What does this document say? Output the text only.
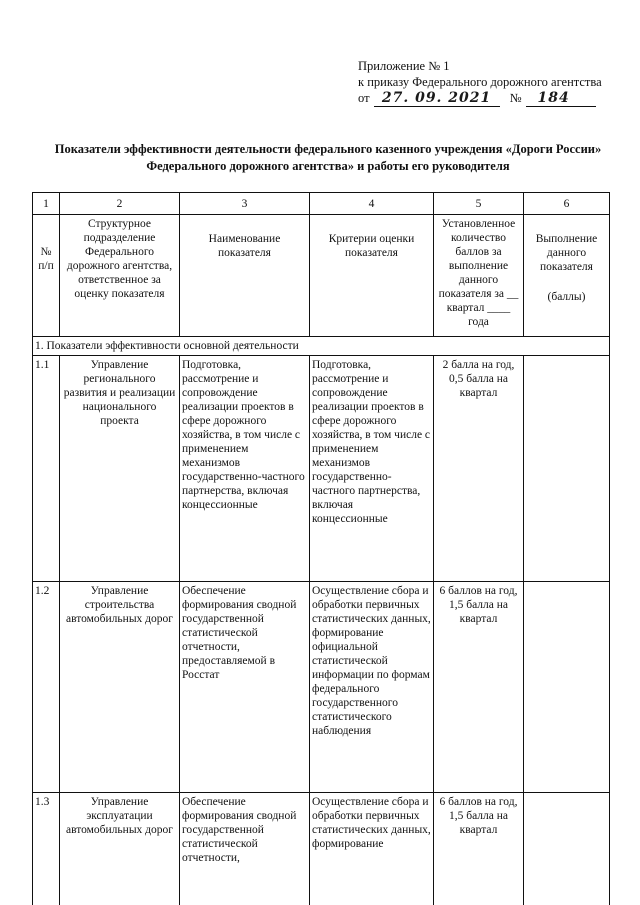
Приложение № 1
к приказу Федерального дорожного агентства
от 27. 09. 2021 № 184
Показатели эффективности деятельности федерального казенного учреждения «Дороги России»
Федерального дорожного агентства» и работы его руководителя
1	2	3	4	5	6

№ п/п	Структурное подразделение Федерального дорожного агентства, ответственное за оценку показателя	Наименование показателя	Критерии оценки показателя	Установленное количество баллов за выполнение данного показателя за __ квартал ____ года	Выполнение данного показателя
(баллы)

1. Показатели эффективности основной деятельности					
1.1	Управление регионального развития и реализации национального проекта	Подготовка, рассмотрение и сопровождение реализации проектов в сфере дорожного хозяйства, в том числе с применением механизмов государственно-частного партнерства, включая концессионные	Подготовка, рассмотрение и сопровождение реализации проектов в сфере дорожного хозяйства, в том числе с применением механизмов государственно-частного партнерства, включая концессионные	2 балла на год, 0,5 балла на квартал	
1.2	Управление строительства автомобильных дорог	Обеспечение формирования сводной государственной статистической отчетности, предоставляемой в Росстат	Осуществление сбора и обработки первичных статистических данных, формирование официальной статистической информации по формам федерального государственного статистического наблюдения	6 баллов на год, 1,5 балла на квартал	
1.3	Управление эксплуатации автомобильных дорог	Обеспечение формирования сводной государственной статистической отчетности,	Осуществление сбора и обработки первичных статистических данных, формирование	6 баллов на год, 1,5 балла на квартал	
